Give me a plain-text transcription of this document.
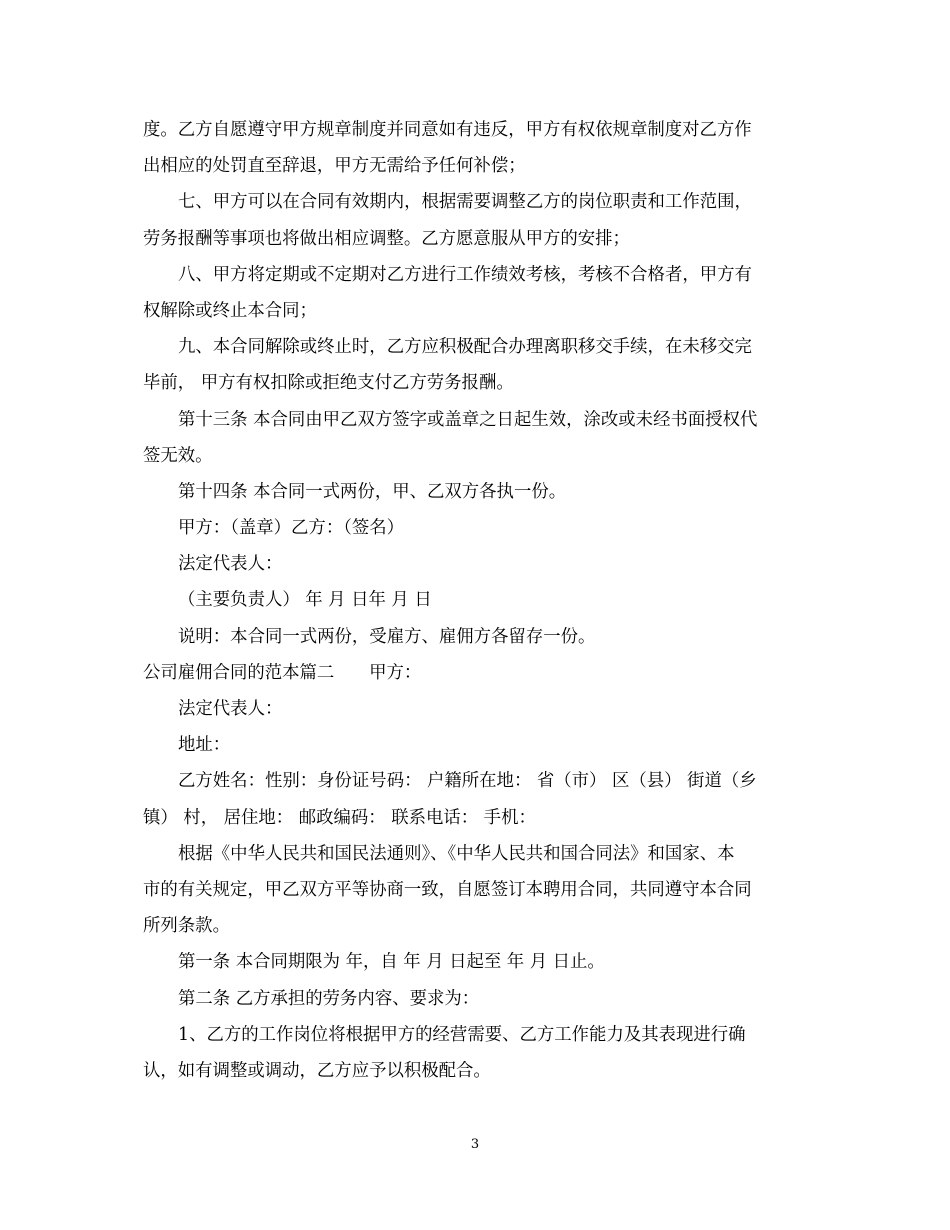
度。乙方自愿遵守甲方规章制度并同意如有违反，甲方有权依规章制度对乙方作
出相应的处罚直至辞退，甲方无需给予任何补偿；
七、甲方可以在合同有效期内，根据需要调整乙方的岗位职责和工作范围，
劳务报酬等事项也将做出相应调整。乙方愿意服从甲方的安排；
八、甲方将定期或不定期对乙方进行工作绩效考核，考核不合格者，甲方有
权解除或终止本合同；
九、本合同解除或终止时，乙方应积极配合办理离职移交手续，在未移交完
毕前， 甲方有权扣除或拒绝支付乙方劳务报酬。
第十三条 本合同由甲乙双方签字或盖章之日起生效，涂改或未经书面授权代
签无效。
第十四条 本合同一式两份，甲、乙双方各执一份。
甲方：（盖章）乙方：（签名）
法定代表人：
（主要负责人） 年 月 日年 月 日
说明：本合同一式两份，受雇方、雇佣方各留存一份。
公司雇佣合同的范本篇二　　甲方：
法定代表人：
地址：
乙方姓名：性别：身份证号码： 户籍所在地： 省（市） 区（县） 街道（乡
镇） 村， 居住地： 邮政编码： 联系电话： 手机：
根据《中华人民共和国民法通则》、《中华人民共和国合同法》和国家、本
市的有关规定，甲乙双方平等协商一致，自愿签订本聘用合同，共同遵守本合同
所列条款。
第一条 本合同期限为 年，自 年 月 日起至 年 月 日止。
第二条 乙方承担的劳务内容、要求为：
1、乙方的工作岗位将根据甲方的经营需要、乙方工作能力及其表现进行确
认，如有调整或调动，乙方应予以积极配合。
3
